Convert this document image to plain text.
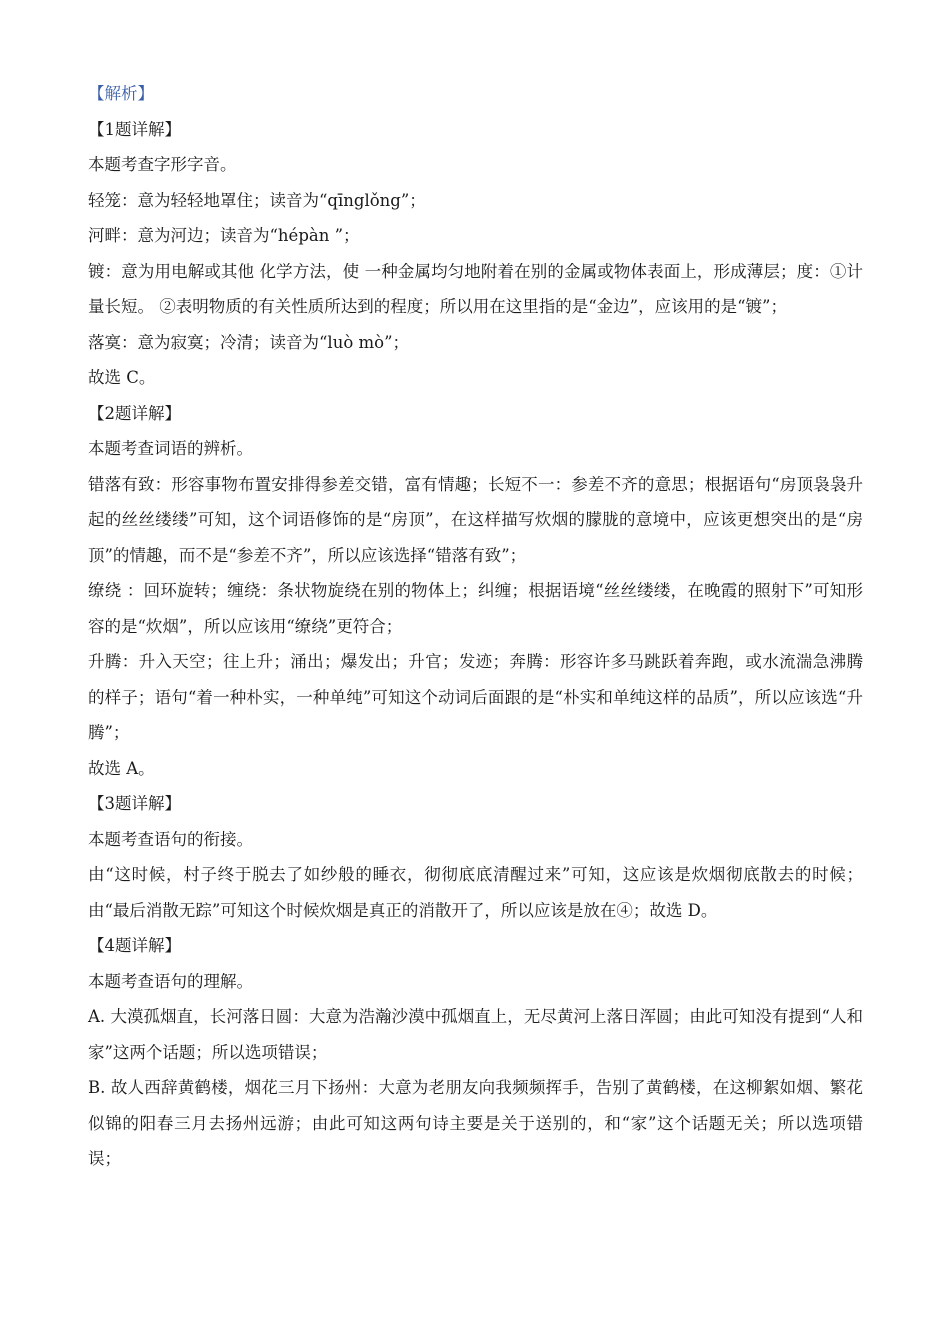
【解析】
【1题详解】
本题考查字形字音。
轻笼：意为轻轻地罩住；读音为“qīnglǒng”；
河畔：意为河边；读音为“hépàn ”；
镀：意为用电解或其他 化学方法，使 一种金属均匀地附着在别的金属或物体表面上，形成薄层；度：①计量长短。 ②表明物质的有关性质所达到的程度；所以用在这里指的是“金边”，应该用的是“镀”；
落寞：意为寂寞；冷清；读音为“luò mò”；
故选 C。
【2题详解】
本题考查词语的辨析。
错落有致：形容事物布置安排得参差交错，富有情趣；长短不一：参差不齐的意思；根据语句“房顶袅袅升起的丝丝缕缕”可知，这个词语修饰的是“房顶”，在这样描写炊烟的朦胧的意境中，应该更想突出的是“房顶”的情趣，而不是“参差不齐”，所以应该选择“错落有致”；
缭绕 ：回环旋转；缠绕：条状物旋绕在别的物体上；纠缠；根据语境“丝丝缕缕，在晚霞的照射下”可知形容的是“炊烟”，所以应该用“缭绕”更符合；
升腾：升入天空；往上升；涌出；爆发出；升官；发迹；奔腾：形容许多马跳跃着奔跑，或水流湍急沸腾的样子；语句“着一种朴实，一种单纯”可知这个动词后面跟的是“朴实和单纯这样的品质”，所以应该选“升腾”；
故选 A。
【3题详解】
本题考查语句的衔接。
由“这时候，村子终于脱去了如纱般的睡衣，彻彻底底清醒过来”可知，这应该是炊烟彻底散去的时候；由“最后消散无踪”可知这个时候炊烟是真正的消散开了，所以应该是放在④；故选 D。
【4题详解】
本题考查语句的理解。
A. 大漠孤烟直，长河落日圆：大意为浩瀚沙漠中孤烟直上，无尽黄河上落日浑圆；由此可知没有提到“人和家”这两个话题；所以选项错误；
B. 故人西辞黄鹤楼，烟花三月下扬州：大意为老朋友向我频频挥手，告别了黄鹤楼，在这柳絮如烟、繁花似锦的阳春三月去扬州远游；由此可知这两句诗主要是关于送别的，和“家”这个话题无关；所以选项错误；
